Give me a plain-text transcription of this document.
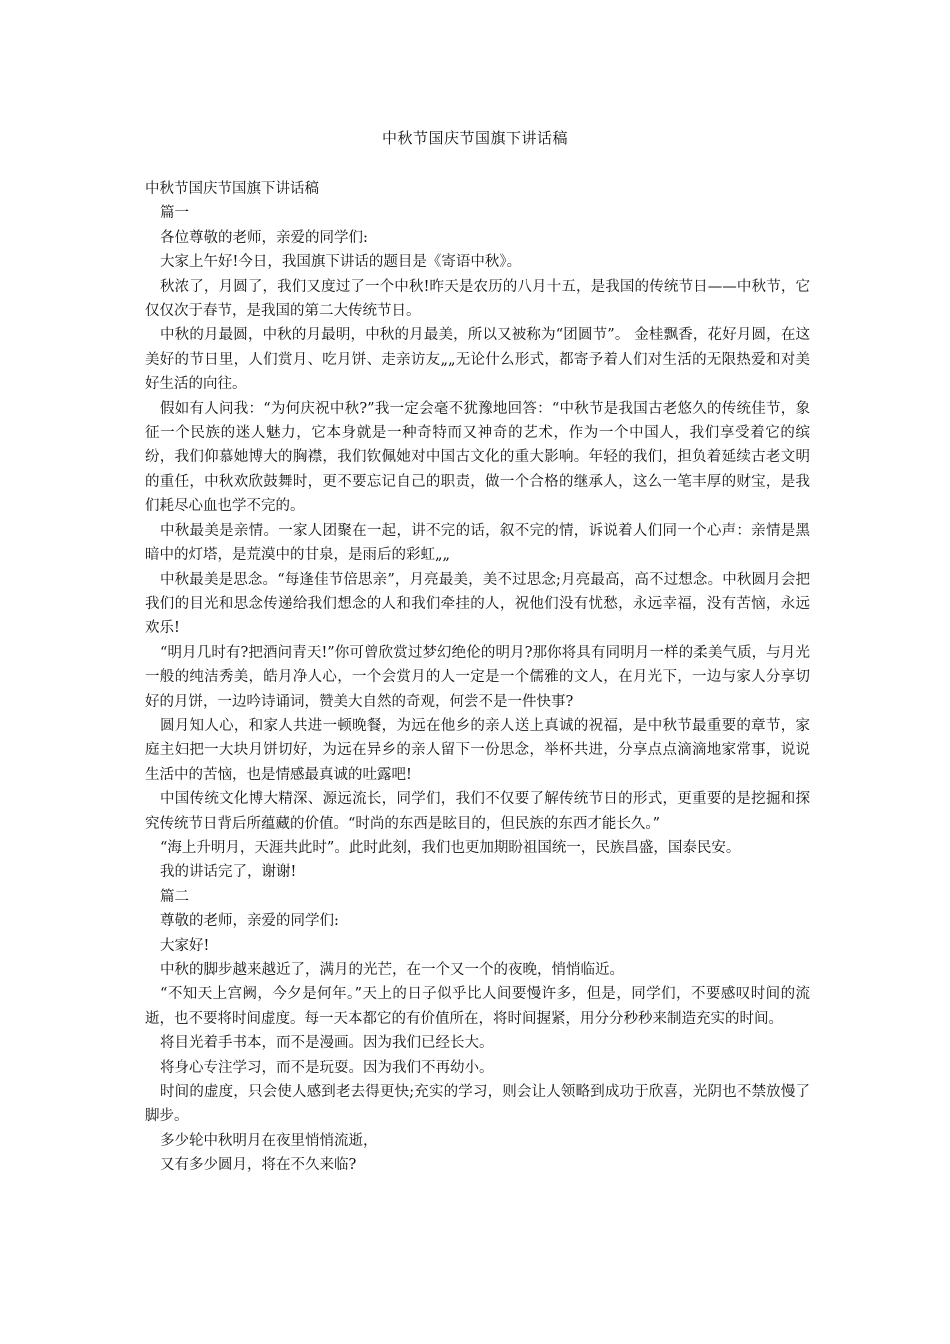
中秋节国庆节国旗下讲话稿

中秋节国庆节国旗下讲话稿

篇一

各位尊敬的老师，亲爱的同学们:

大家上午好!今日，我国旗下讲话的题目是《寄语中秋》。

秋浓了，月圆了，我们又度过了一个中秋!昨天是农历的八月十五，是我国的传统节日——中秋节，它仅仅次于春节，是我国的第二大传统节日。

中秋的月最圆，中秋的月最明，中秋的月最美，所以又被称为“团圆节”。 金桂飘香，花好月圆，在这美好的节日里，人们赏月、吃月饼、走亲访友„„无论什么形式，都寄予着人们对生活的无限热爱和对美好生活的向往。

假如有人问我：“为何庆祝中秋?”我一定会毫不犹豫地回答：“中秋节是我国古老悠久的传统佳节，象征一个民族的迷人魅力，它本身就是一种奇特而又神奇的艺术，作为一个中国人，我们享受着它的缤纷，我们仰慕她博大的胸襟，我们钦佩她对中国古文化的重大影响。年轻的我们，担负着延续古老文明的重任，中秋欢欣鼓舞时，更不要忘记自己的职责，做一个合格的继承人，这么一笔丰厚的财宝，是我们耗尽心血也学不完的。

中秋最美是亲情。一家人团聚在一起，讲不完的话，叙不完的情，诉说着人们同一个心声：亲情是黑暗中的灯塔，是荒漠中的甘泉，是雨后的彩虹„„

中秋最美是思念。“每逢佳节倍思亲”，月亮最美，美不过思念;月亮最高，高不过想念。中秋圆月会把我们的目光和思念传递给我们想念的人和我们牵挂的人，祝他们没有忧愁，永远幸福，没有苦恼，永远欢乐!

“明月几时有?把酒问青天!”你可曾欣赏过梦幻绝伦的明月?那你将具有同明月一样的柔美气质，与月光一般的纯洁秀美，皓月净人心，一个会赏月的人一定是一个儒雅的文人，在月光下，一边与家人分享切好的月饼，一边吟诗诵词，赞美大自然的奇观，何尝不是一件快事?

圆月知人心，和家人共进一顿晚餐，为远在他乡的亲人送上真诚的祝福，是中秋节最重要的章节，家庭主妇把一大块月饼切好，为远在异乡的亲人留下一份思念，举杯共进，分享点点滴滴地家常事，说说生活中的苦恼，也是情感最真诚的吐露吧!

中国传统文化博大精深、源远流长，同学们，我们不仅要了解传统节日的形式，更重要的是挖掘和探究传统节日背后所蕴藏的价值。“时尚的东西是眩目的，但民族的东西才能长久。”

“海上升明月，天涯共此时”。此时此刻，我们也更加期盼祖国统一，民族昌盛，国泰民安。

我的讲话完了，谢谢!

篇二

尊敬的老师，亲爱的同学们:

大家好!

中秋的脚步越来越近了，满月的光芒，在一个又一个的夜晚，悄悄临近。

“不知天上宫阙，今夕是何年。”天上的日子似乎比人间要慢许多，但是，同学们，不要感叹时间的流逝，也不要将时间虚度。每一天本都它的有价值所在，将时间握紧，用分分秒秒来制造充实的时间。

将目光着手书本，而不是漫画。因为我们已经长大。

将身心专注学习，而不是玩耍。因为我们不再幼小。

时间的虚度，只会使人感到老去得更快;充实的学习，则会让人领略到成功于欣喜，光阴也不禁放慢了脚步。

多少轮中秋明月在夜里悄悄流逝，

又有多少圆月，将在不久来临?
